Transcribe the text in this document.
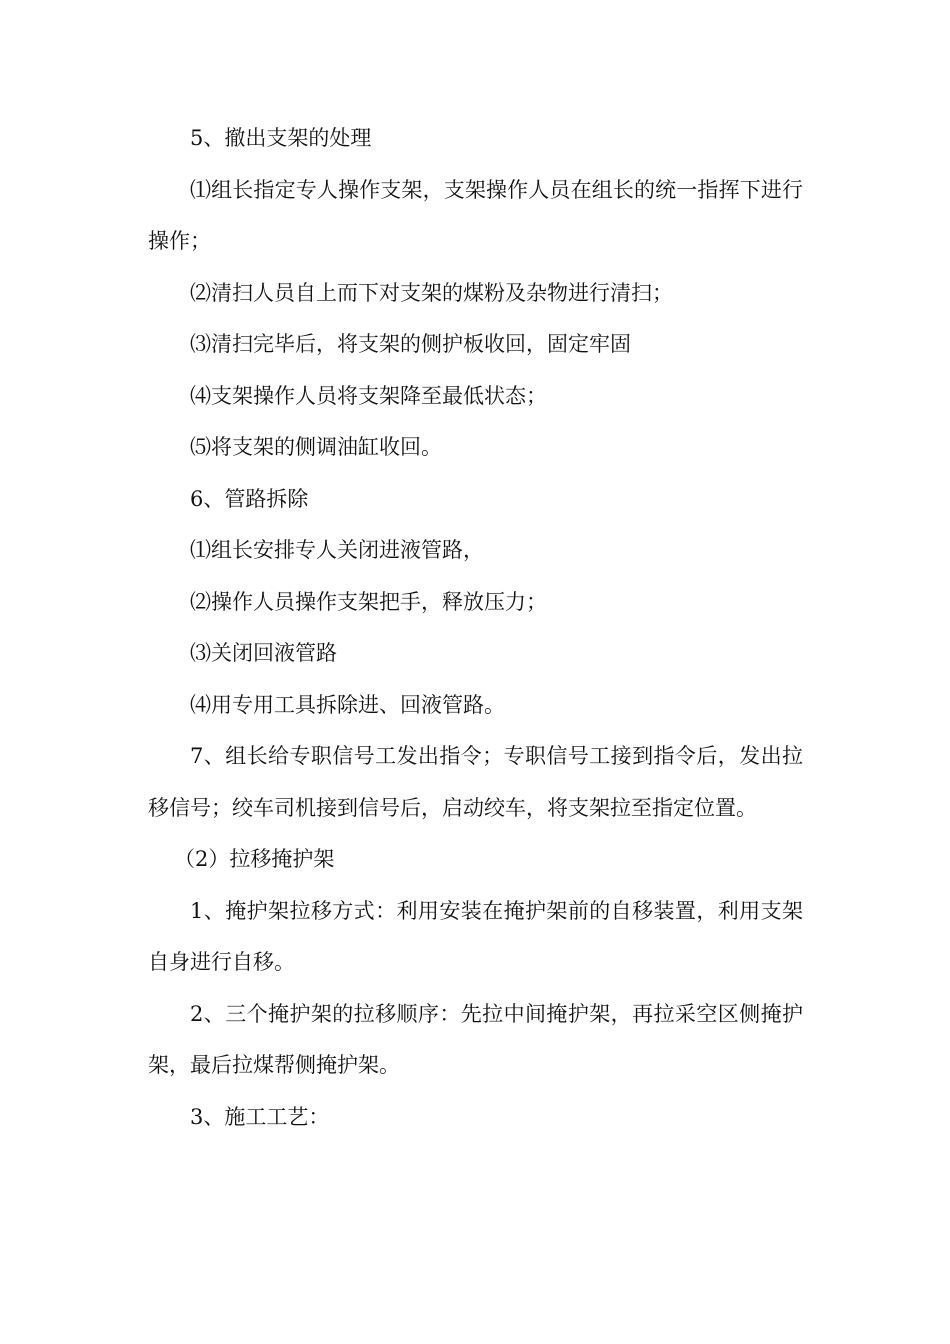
5、撤出支架的处理

⑴组长指定专人操作支架，支架操作人员在组长的统一指挥下进行操作；

⑵清扫人员自上而下对支架的煤粉及杂物进行清扫；

⑶清扫完毕后，将支架的侧护板收回，固定牢固

⑷支架操作人员将支架降至最低状态；

⑸将支架的侧调油缸收回。

6、管路拆除

⑴组长安排专人关闭进液管路，

⑵操作人员操作支架把手，释放压力；

⑶关闭回液管路

⑷用专用工具拆除进、回液管路。

7、组长给专职信号工发出指令；专职信号工接到指令后，发出拉移信号；绞车司机接到信号后，启动绞车，将支架拉至指定位置。

（2）拉移掩护架

1、掩护架拉移方式：利用安装在掩护架前的自移装置，利用支架自身进行自移。

2、三个掩护架的拉移顺序：先拉中间掩护架，再拉采空区侧掩护架，最后拉煤帮侧掩护架。

3、施工工艺：
